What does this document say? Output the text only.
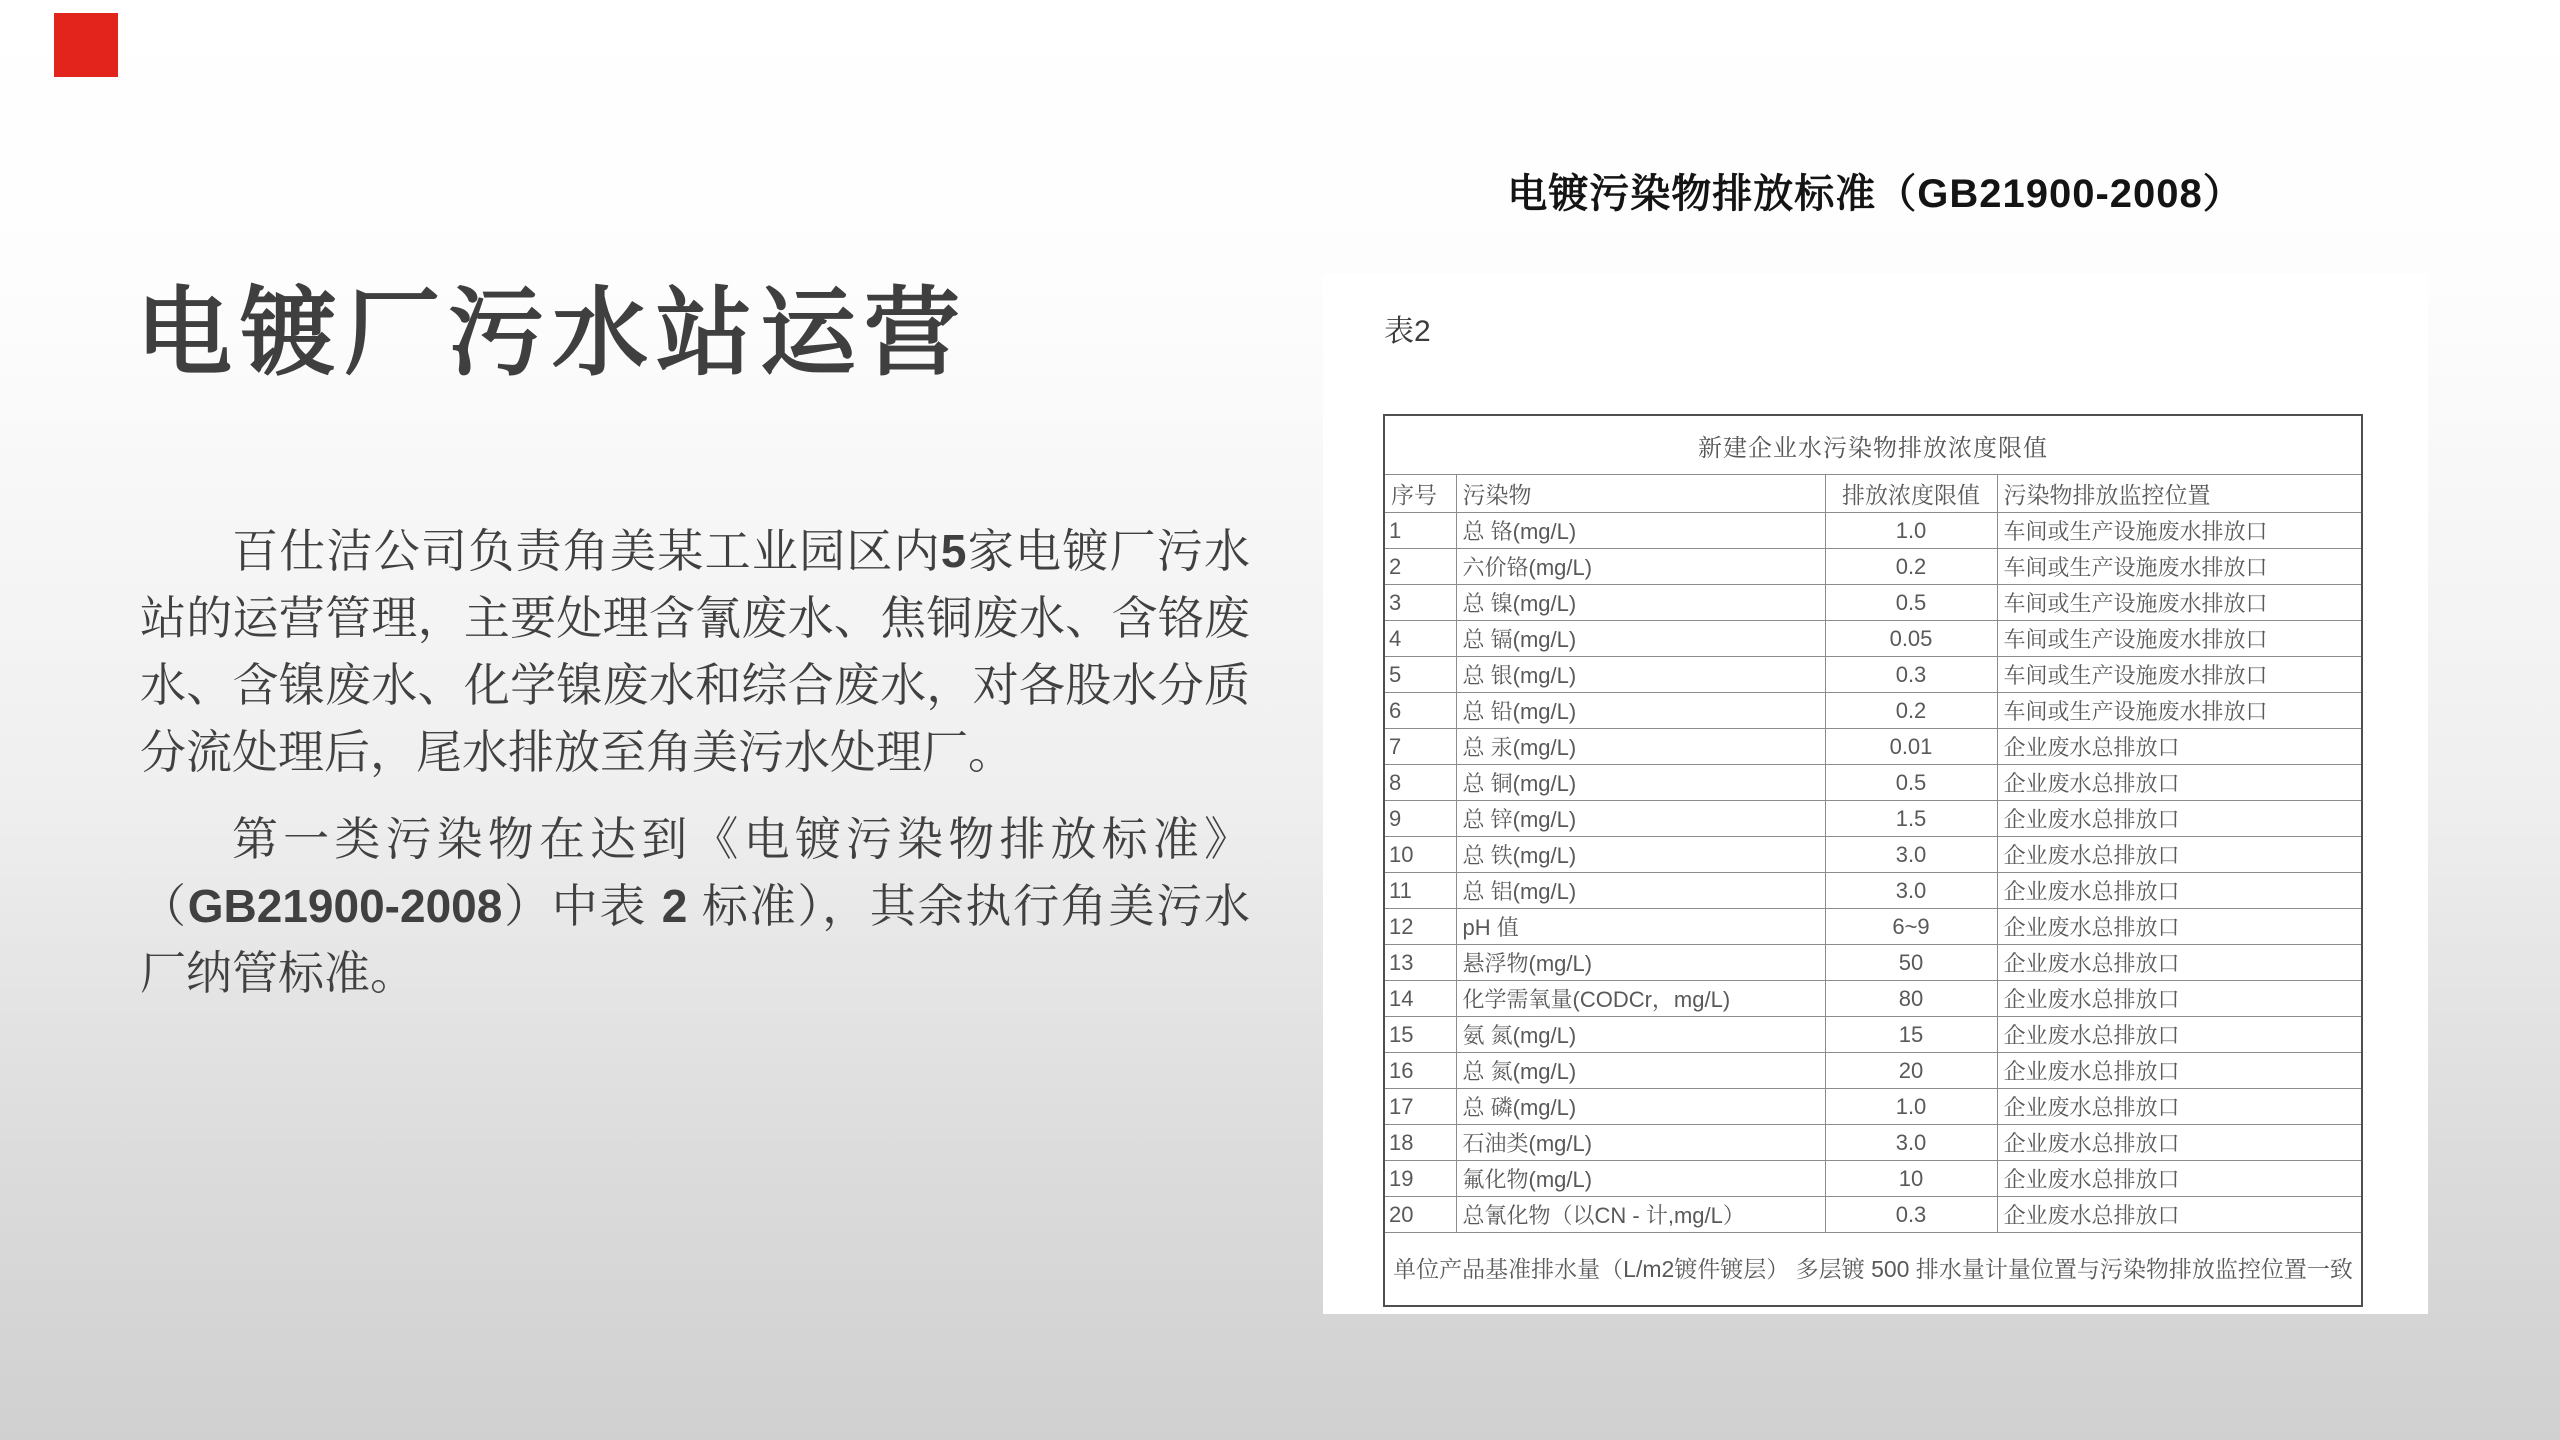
电镀厂污水站运营

百仕洁公司负责角美某工业园区内5家电镀厂污水站的运营管理，主要处理含氰废水、焦铜废水、含铬废水、含镍废水、化学镍废水和综合废水，对各股水分质分流处理后，尾水排放至角美污水处理厂。

第一类污染物在达到《电镀污染物排放标准》（GB21900-2008）中表 2 标准），其余执行角美污水厂纳管标准。

电镀污染物排放标准（GB21900-2008）
表2
新建企业水污染物排放浓度限值			
序号	污染物	排放浓度限值	污染物排放监控位置
1	总 铬(mg/L)	1.0	车间或生产设施废水排放口
2	六价铬(mg/L)	0.2	车间或生产设施废水排放口
3	总 镍(mg/L)	0.5	车间或生产设施废水排放口
4	总 镉(mg/L)	0.05	车间或生产设施废水排放口
5	总 银(mg/L)	0.3	车间或生产设施废水排放口
6	总 铅(mg/L)	0.2	车间或生产设施废水排放口
7	总 汞(mg/L)	0.01	企业废水总排放口
8	总 铜(mg/L)	0.5	企业废水总排放口
9	总 锌(mg/L)	1.5	企业废水总排放口
10	总 铁(mg/L)	3.0	企业废水总排放口
11	总 铝(mg/L)	3.0	企业废水总排放口
12	pH 值	6~9	企业废水总排放口
13	悬浮物(mg/L)	50	企业废水总排放口
14	化学需氧量(CODCr，mg/L)	80	企业废水总排放口
15	氨 氮(mg/L)	15	企业废水总排放口
16	总 氮(mg/L)	20	企业废水总排放口
17	总 磷(mg/L)	1.0	企业废水总排放口
18	石油类(mg/L)	3.0	企业废水总排放口
19	氟化物(mg/L)	10	企业废水总排放口
20	总氰化物（以CN - 计,mg/L）	0.3	企业废水总排放口
单位产品基准排水量（L/m2镀件镀层） 多层镀 500 排水量计量位置与污染物排放监控位置一致			
